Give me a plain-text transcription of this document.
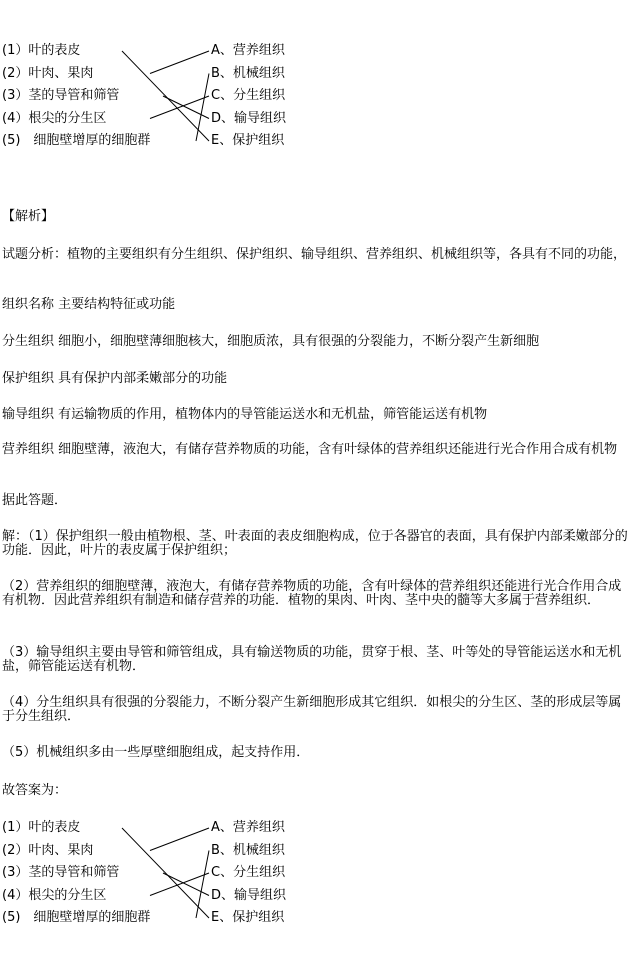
(1）叶的表皮
(2）叶肉、果肉
(3）茎的导管和筛管
(4）根尖的分生区
(5)　细胞壁增厚的细胞群
A、营养组织
B、机械组织
C、分生组织
D、输导组织
E、保护组织

【解析】

试题分析：植物的主要组织有分生组织、保护组织、输导组织、营养组织、机械组织等，各具有不同的功能，

组织名称 主要结构特征或功能

分生组织 细胞小，细胞壁薄细胞核大，细胞质浓，具有很强的分裂能力，不断分裂产生新细胞

保护组织 具有保护内部柔嫩部分的功能

输导组织 有运输物质的作用，植物体内的导管能运送水和无机盐，筛管能运送有机物

营养组织 细胞壁薄，液泡大，有储存营养物质的功能，含有叶绿体的营养组织还能进行光合作用合成有机物

据此答题．

解：（1）保护组织一般由植物根、茎、叶表面的表皮细胞构成，位于各器官的表面，具有保护内部柔嫩部分的功能．因此，叶片的表皮属于保护组织；

（2）营养组织的细胞壁薄，液泡大，有储存营养物质的功能，含有叶绿体的营养组织还能进行光合作用合成有机物．因此营养组织有制造和储存营养的功能．植物的果肉、叶肉、茎中央的髓等大多属于营养组织．

（3）输导组织主要由导管和筛管组成，具有输送物质的功能，贯穿于根、茎、叶等处的导管能运送水和无机盐，筛管能运送有机物．

（4）分生组织具有很强的分裂能力，不断分裂产生新细胞形成其它组织．如根尖的分生区、茎的形成层等属于分生组织．

（5）机械组织多由一些厚壁细胞组成，起支持作用．

故答案为：

(1）叶的表皮
(2）叶肉、果肉
(3）茎的导管和筛管
(4）根尖的分生区
(5)　细胞壁增厚的细胞群
A、营养组织
B、机械组织
C、分生组织
D、输导组织
E、保护组织
